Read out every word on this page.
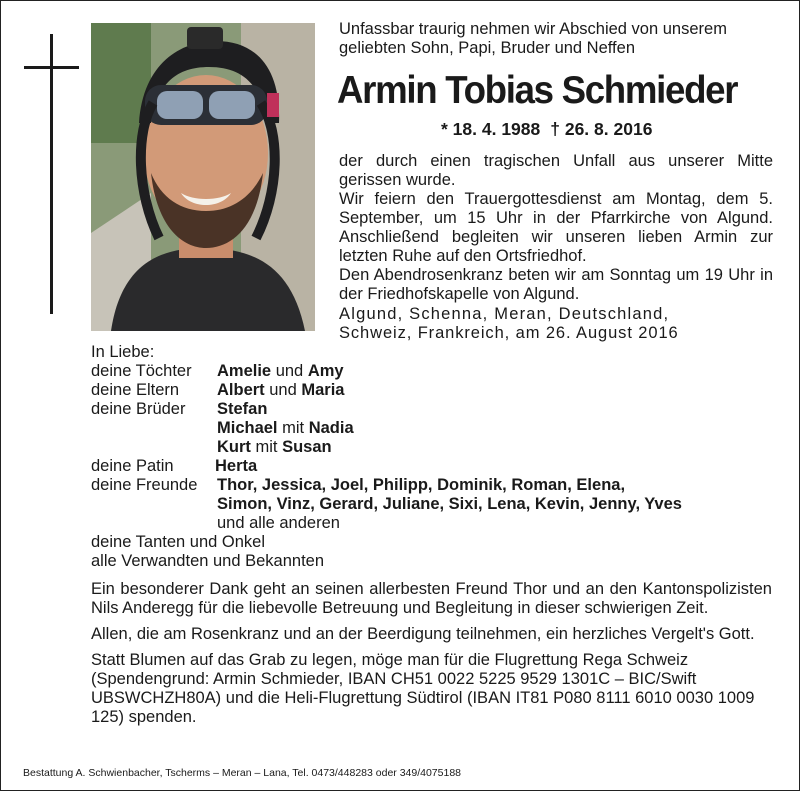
Unfassbar traurig nehmen wir Abschied von unserem
geliebten Sohn, Papi, Bruder und Neffen
Armin Tobias Schmieder
* 18. 4. 1988 † 26. 8. 2016

der durch einen tragischen Unfall aus unserer Mitte gerissen wurde.

Wir feiern den Trauergottesdienst am Montag, dem 5. September, um 15 Uhr in der Pfarrkirche von Algund. Anschließend begleiten wir unseren lieben Armin zur letzten Ruhe auf den Ortsfriedhof.

Den Abendrosenkranz beten wir am Sonntag um 19 Uhr in der Friedhofskapelle von Algund.

Algund, Schenna, Meran, Deutschland,
Schweiz, Frankreich, am 26. August 2016
In Liebe:
deine Töchter Amelie und Amy
deine Eltern Albert und Maria
deine Brüder Stefan
Michael mit Nadia
Kurt mit Susan
deine Patin	Herta
deine Freunde Thor, Jessica, Joel, Philipp, Dominik, Roman, Elena,
Simon, Vinz, Gerard, Juliane, Sixi, Lena, Kevin, Jenny, Yves
und alle anderen
deine Tanten und Onkel
alle Verwandten und Bekannten

Ein besonderer Dank geht an seinen allerbesten Freund Thor und an den Kantonspolizisten Nils Anderegg für die liebevolle Betreuung und Begleitung in dieser schwierigen Zeit.

Allen, die am Rosenkranz und an der Beerdigung teilnehmen, ein herzliches Vergelt's Gott.

Statt Blumen auf das Grab zu legen, möge man für die Flugrettung Rega Schweiz (Spendengrund: Armin Schmieder, IBAN CH51 0022 5225 9529 1301C – BIC/Swift UBSWCHZH80A) und die Heli-Flugrettung Südtirol (IBAN IT81 P080 8111 6010 0030 1009 125) spenden.

Bestattung A. Schwienbacher, Tscherms – Meran – Lana, Tel. 0473/448283 oder 349/4075188
